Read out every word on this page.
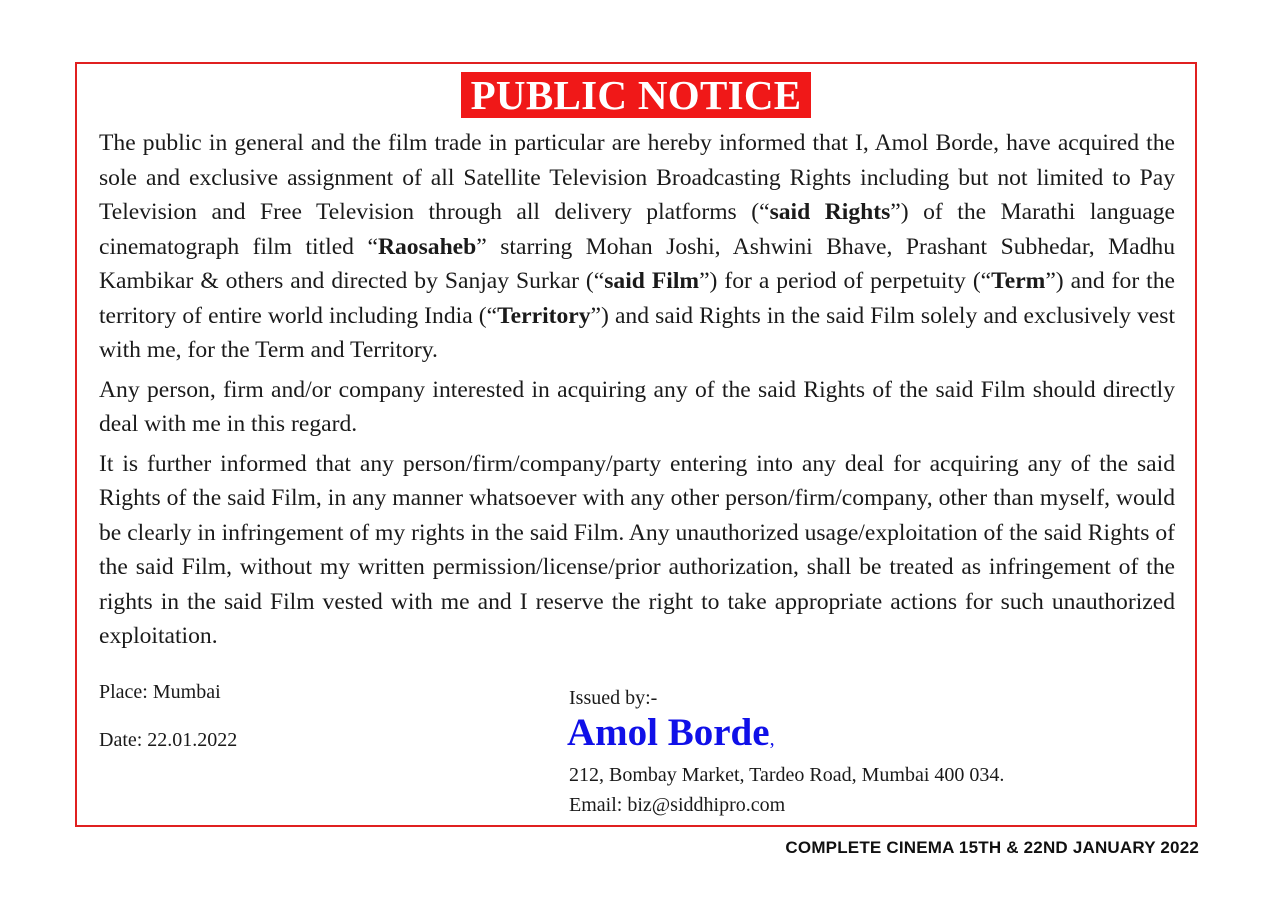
PUBLIC NOTICE

The public in general and the film trade in particular are hereby informed that I, Amol Borde, have acquired the sole and exclusive assignment of all Satellite Television Broadcasting Rights including but not limited to Pay Television and Free Television through all delivery platforms (“said Rights”) of the Marathi language cinematograph film titled “Raosaheb” starring Mohan Joshi, Ashwini Bhave, Prashant Subhedar, Madhu Kambikar & others and directed by Sanjay Surkar (“said Film”) for a period of perpetuity (“Term”) and for the territory of entire world including India (“Territory”) and said Rights in the said Film solely and exclusively vest with me, for the Term and Territory.

Any person, firm and/or company interested in acquiring any of the said Rights of the said Film should directly deal with me in this regard.

It is further informed that any person/firm/company/party entering into any deal for acquiring any of the said Rights of the said Film, in any manner whatsoever with any other person/firm/company, other than myself, would be clearly in infringement of my rights in the said Film. Any unauthorized usage/exploitation of the said Rights of the said Film, without my written permission/license/prior authorization, shall be treated as infringement of the rights in the said Film vested with me and I reserve the right to take appropriate actions for such unauthorized exploitation.

Place: Mumbai
Date: 22.01.2022
Issued by:-
Amol Borde,
212, Bombay Market, Tardeo Road, Mumbai 400 034.
Email: biz@siddhipro.com
COMPLETE CINEMA 15TH & 22ND JANUARY 2022
